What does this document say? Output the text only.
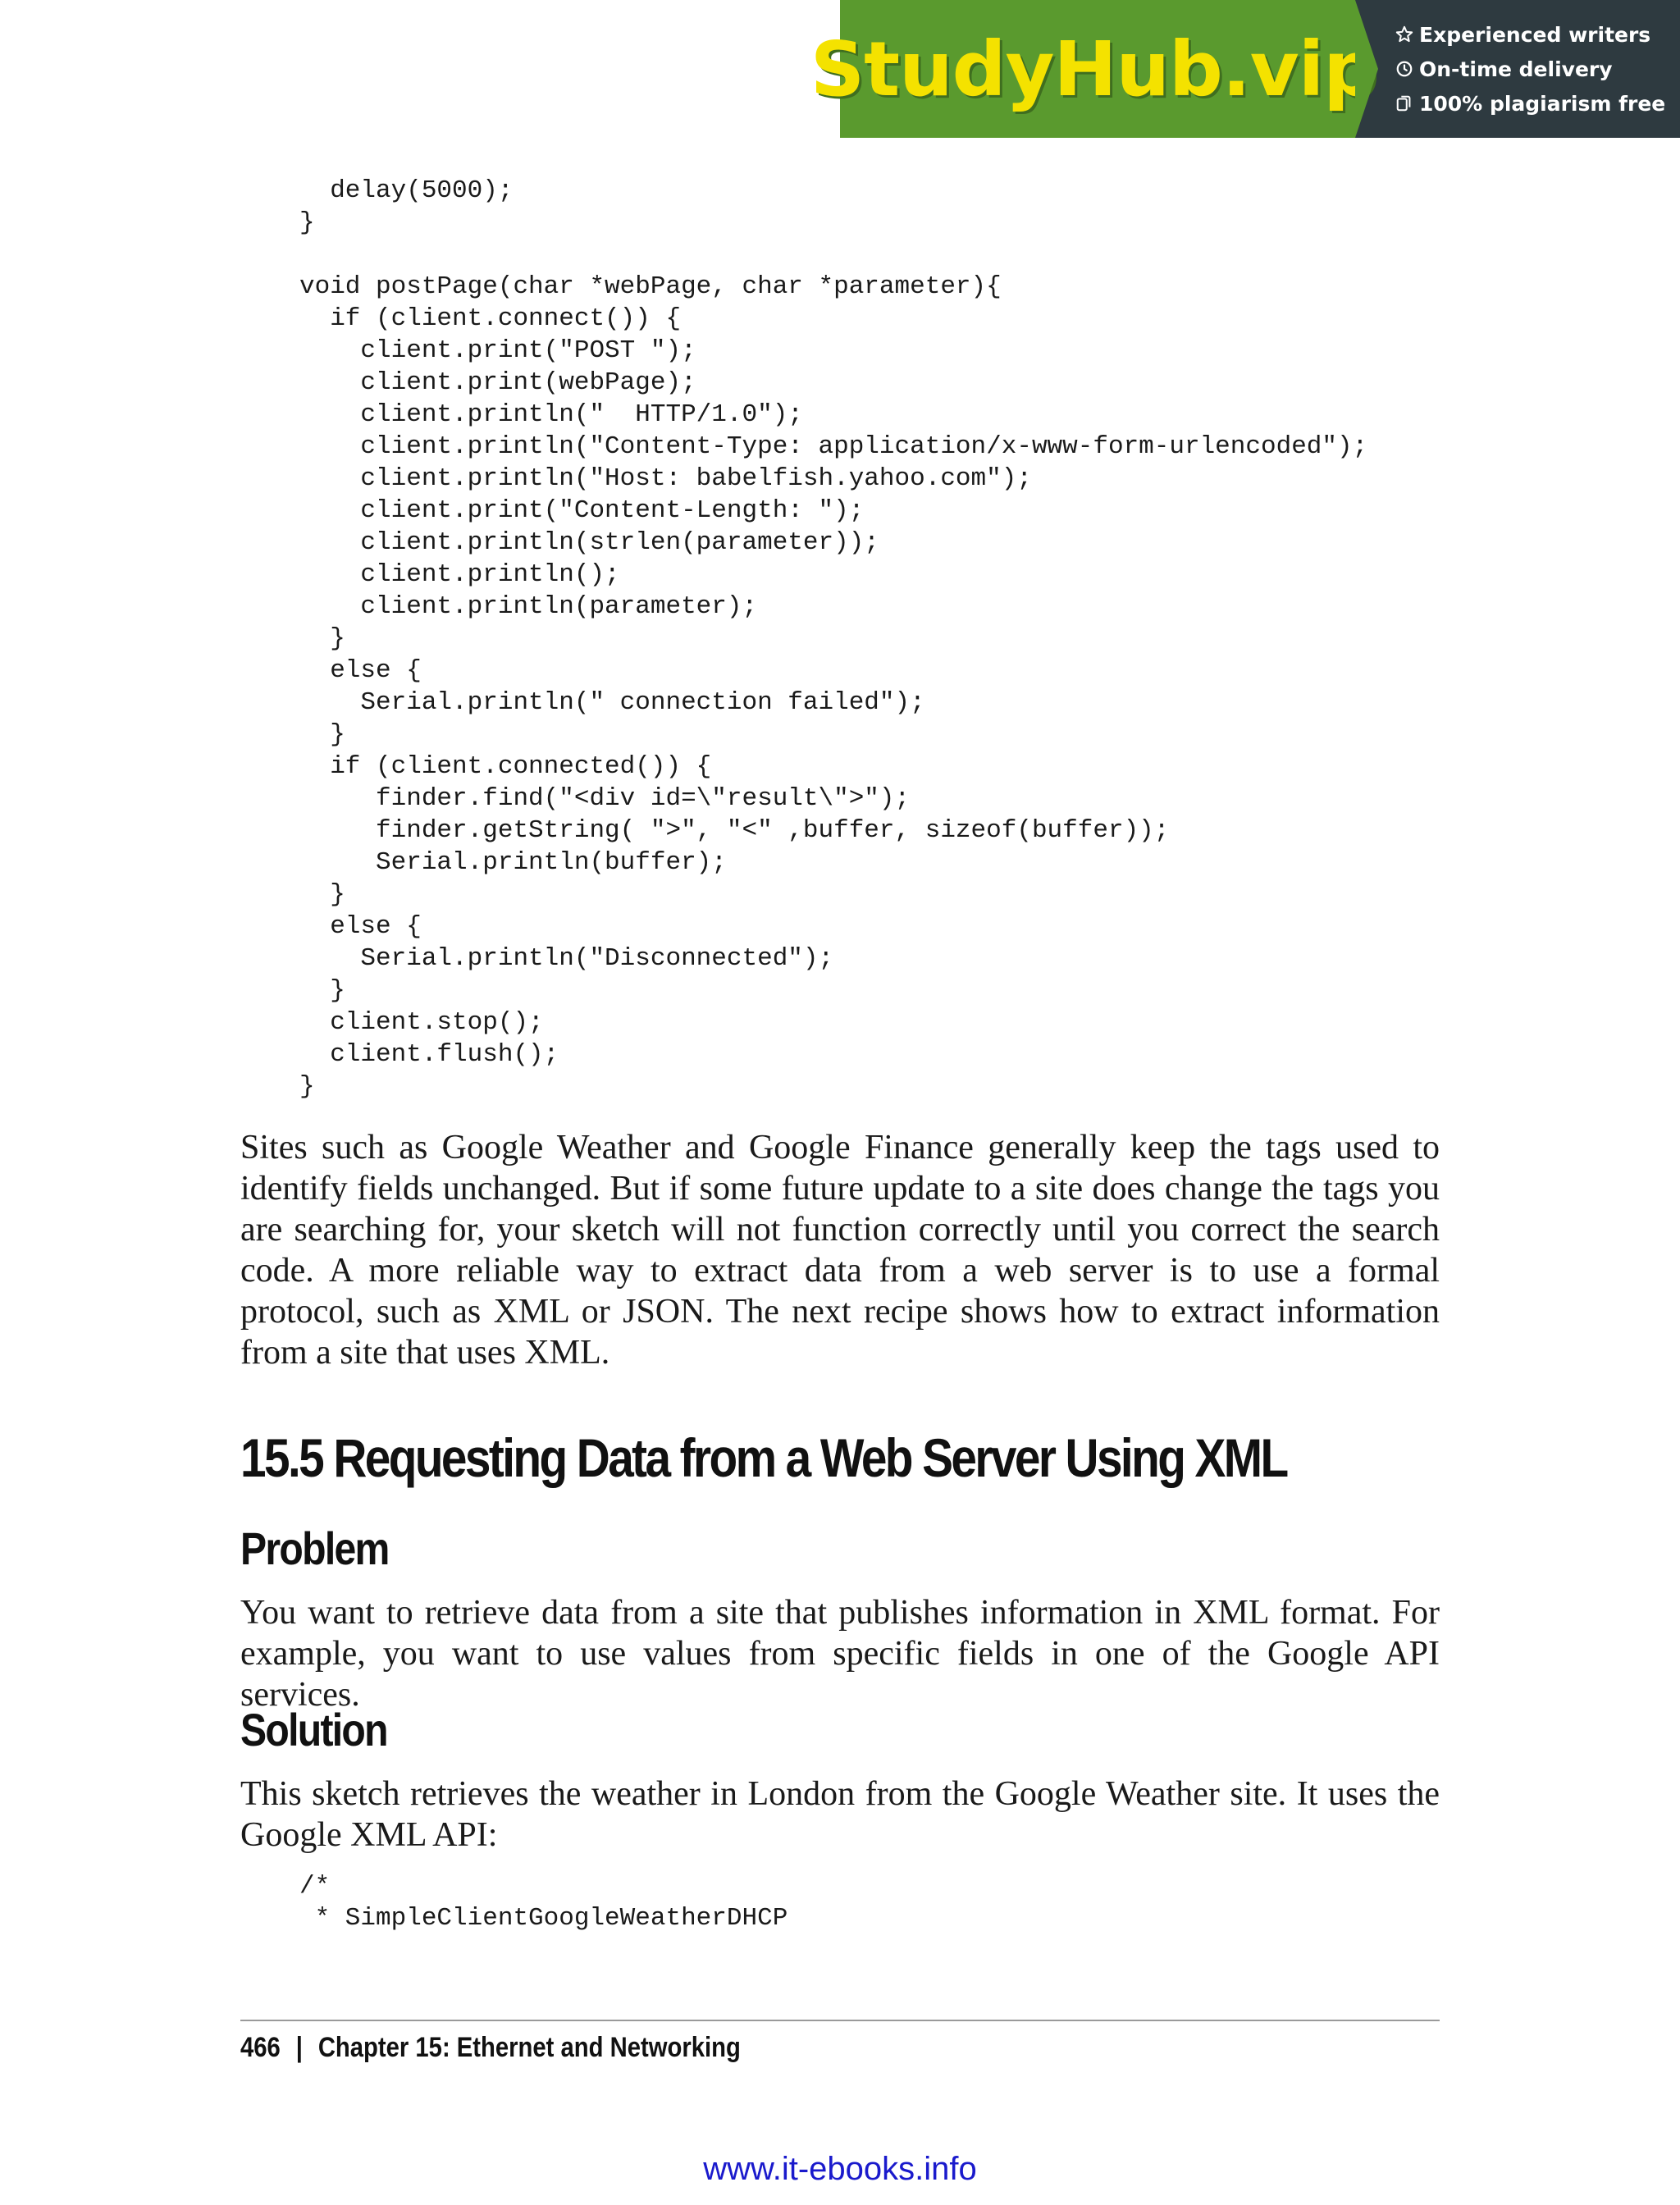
StudyHub.vip Experienced writers
On-time delivery
100% plagiarism free
delay(5000);
}

void postPage(char *webPage, char *parameter){
if (client.connect()) {
client.print("POST ");
client.print(webPage);
client.println("  HTTP/1.0");
client.println("Content-Type: application/x-www-form-urlencoded");
client.println("Host: babelfish.yahoo.com");
client.print("Content-Length: ");
client.println(strlen(parameter));
client.println();
client.println(parameter);
}
else {
Serial.println(" connection failed");
}
if (client.connected()) {
finder.find("<div id=\"result\">");
finder.getString( ">", "<" ,buffer, sizeof(buffer));
Serial.println(buffer);
}
else {
Serial.println("Disconnected");
}
client.stop();
client.flush();
}

Sites such as Google Weather and Google Finance generally keep the tags used to identify fields unchanged. But if some future update to a site does change the tags you are searching for, your sketch will not function correctly until you correct the search code. A more reliable way to extract data from a web server is to use a formal protocol, such as XML or JSON. The next recipe shows how to extract information from a site that uses XML.

15.5 Requesting Data from a Web Server Using XML
Problem

You want to retrieve data from a site that publishes information in XML format. For example, you want to use values from specific fields in one of the Google API services.

Solution

This sketch retrieves the weather in London from the Google Weather site. It uses the Google XML API:

/*
* SimpleClientGoogleWeatherDHCP
466 | Chapter 15: Ethernet and Networking
www.it-ebooks.info
